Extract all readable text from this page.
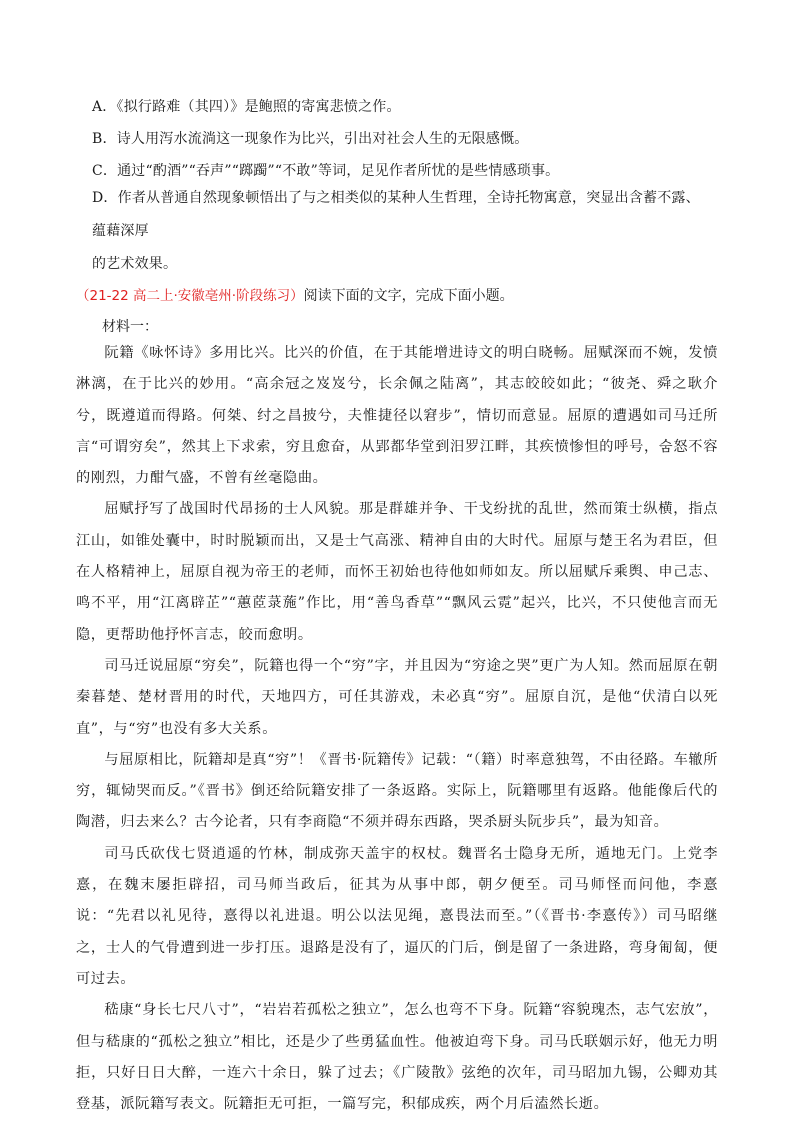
A．《拟行路难（其四）》是鲍照的寄寓悲愤之作。
B．诗人用泻水流淌这一现象作为比兴，引出对社会人生的无限感慨。
C．通过“酌酒”“吞声”“踯躅”“不敢”等词，足见作者所忧的是些情感琐事。
D．作者从普通自然现象顿悟出了与之相类似的某种人生哲理，全诗托物寓意，突显出含蓄不露、蕴藉深厚
的艺术效果。
（21-22 高二上·安徽亳州·阶段练习）阅读下面的文字，完成下面小题。
材料一：

阮籍《咏怀诗》多用比兴。比兴的价值，在于其能增进诗文的明白晓畅。屈赋深而不婉，发愤淋漓，在于比兴的妙用。“高余冠之岌岌兮，长余佩之陆离”，其志皎皎如此；“彼尧、舜之耿介兮，既遵道而得路。何桀、纣之昌披兮，夫惟捷径以窘步”，情切而意显。屈原的遭遇如司马迁所言“可谓穷矣”，然其上下求索，穷且愈奋，从郢都华堂到汨罗江畔，其疾愤惨怛的呼号，숨怒不容的刚烈，力酣气盛，不曾有丝毫隐曲。

屈赋抒写了战国时代昂扬的士人风貌。那是群雄并争、干戈纷扰的乱世，然而策士纵横，指点江山，如锥处囊中，时时脱颖而出，又是士气高涨、精神自由的大时代。屈原与楚王名为君臣，但在人格精神上，屈原自视为帝王的老师，而怀王初始也待他如师如友。所以屈赋斥乘舆、申己志、鸣不平，用“江离辟芷”“蕙茝菉葹”作比，用“善鸟香草”“飘风云霓”起兴，比兴，不只使他言而无隐，更帮助他抒怀言志，皎而愈明。

司马迁说屈原“穷矣”，阮籍也得一个“穷”字，并且因为“穷途之哭”更广为人知。然而屈原在朝秦暮楚、楚材晋用的时代，天地四方，可任其游戏，未必真“穷”。屈原自沉，是他“伏清白以死直”，与“穷”也没有多大关系。

与屈原相比，阮籍却是真“穷”！《晋书·阮籍传》记载：“（籍）时率意独驾，不由径路。车辙所穷，辄恸哭而反。”《晋书》倒还给阮籍安排了一条返路。实际上，阮籍哪里有返路。他能像后代的陶潜，归去来么？古今论者，只有李商隐“不须并碍东西路，哭杀厨头阮步兵”，最为知音。

司马氏砍伐七贤逍遥的竹林，制成弥天盖宇的权杖。魏晋名士隐身无所，遁地无门。上党李憙，在魏末屡拒辟招，司马师当政后，征其为从事中郎，朝夕便至。司马师怪而问他，李憙说：“先君以礼见待，憙得以礼进退。明公以法见绳，憙畏法而至。”（《晋书·李憙传》）司马昭继之，士人的气骨遭到进一步打压。退路是没有了，逼仄的门后，倒是留了一条进路，弯身匍匐，便可过去。

嵇康“身长七尺八寸”，“岩岩若孤松之独立”，怎么也弯不下身。阮籍“容貌瑰杰，志气宏放”，但与嵇康的“孤松之独立”相比，还是少了些勇猛血性。他被迫弯下身。司马氏联姻示好，他无力明拒，只好日日大醉，一连六十余日，躲了过去；《广陵散》弦绝的次年，司马昭加九锡，公卿劝其登基，派阮籍写表文。阮籍拒无可拒，一篇写完，积郁成疾，两个月后溘然长逝。
